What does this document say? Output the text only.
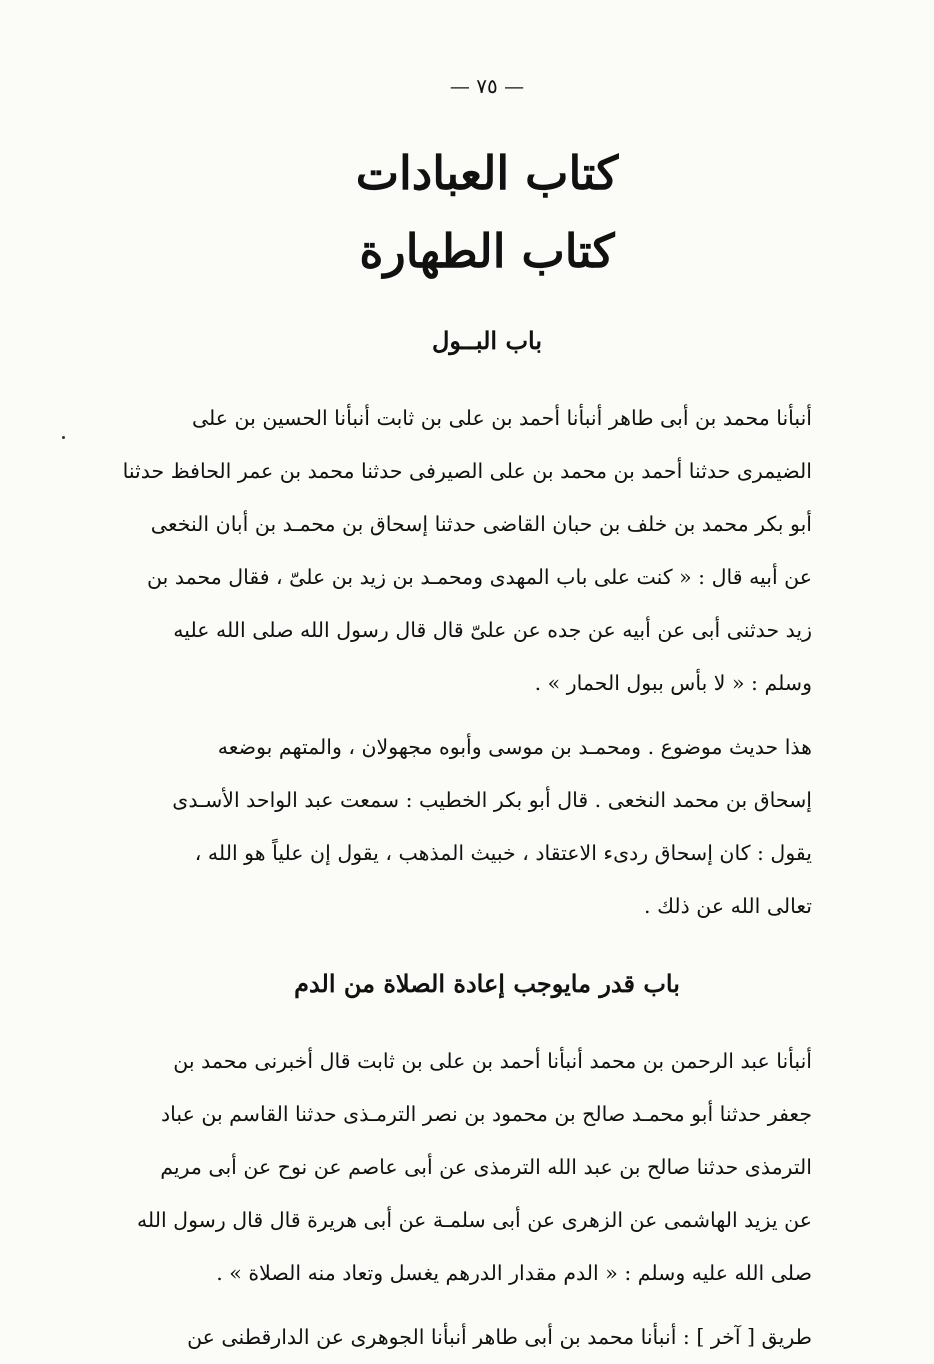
— ٧٥ —
كتاب العبادات
كتاب الطهارة
باب البــول

أنبأنا محمد بن أبى طاهر أنبأنا أحمد بن على بن ثابت أنبأنا الحسين بن على
الضيمرى حدثنا أحمد بن محمد بن على الصيرفى حدثنا محمد بن عمر الحافظ حدثنا
أبو بكر محمد بن خلف بن حبان القاضى حدثنا إسحاق بن محمـد بن أبان النخعى
عن أبيه قال : « كنت على باب المهدى ومحمـد بن زيد بن علىّ ، فقال محمد بن
زيد حدثنى أبى عن أبيه عن جده عن علىّ قال قال رسول الله صلى الله عليه
وسلم : « لا بأس ببول الحمار » .

هذا حديث موضوع . ومحمـد بن موسى وأبوه مجهولان ، والمتهم بوضعه
إسحاق بن محمد النخعى . قال أبو بكر الخطيب : سمعت عبد الواحد الأسـدى
يقول : كان إسحاق ردىء الاعتقاد ، خبيث المذهب ، يقول إن علياً هو الله ،
تعالى الله عن ذلك .

باب قدر مايوجب إعادة الصلاة من الدم

أنبأنا عبد الرحمن بن محمد أنبأنا أحمد بن على بن ثابت قال أخبرنى محمد بن
جعفر حدثنا أبو محمـد صالح بن محمود بن نصر الترمـذى حدثنا القاسم بن عباد
الترمذى حدثنا صالح بن عبد الله الترمذى عن أبى عاصم عن نوح عن أبى مريم
عن يزيد الهاشمى عن الزهرى عن أبى سلمـة عن أبى هريرة قال قال رسول الله
صلى الله عليه وسلم : « الدم مقدار الدرهم يغسل وتعاد منه الصلاة » .

طريق [ آخر ] : أنبأنا محمد بن أبى طاهر أنبأنا الجوهرى عن الدارقطنى عن
